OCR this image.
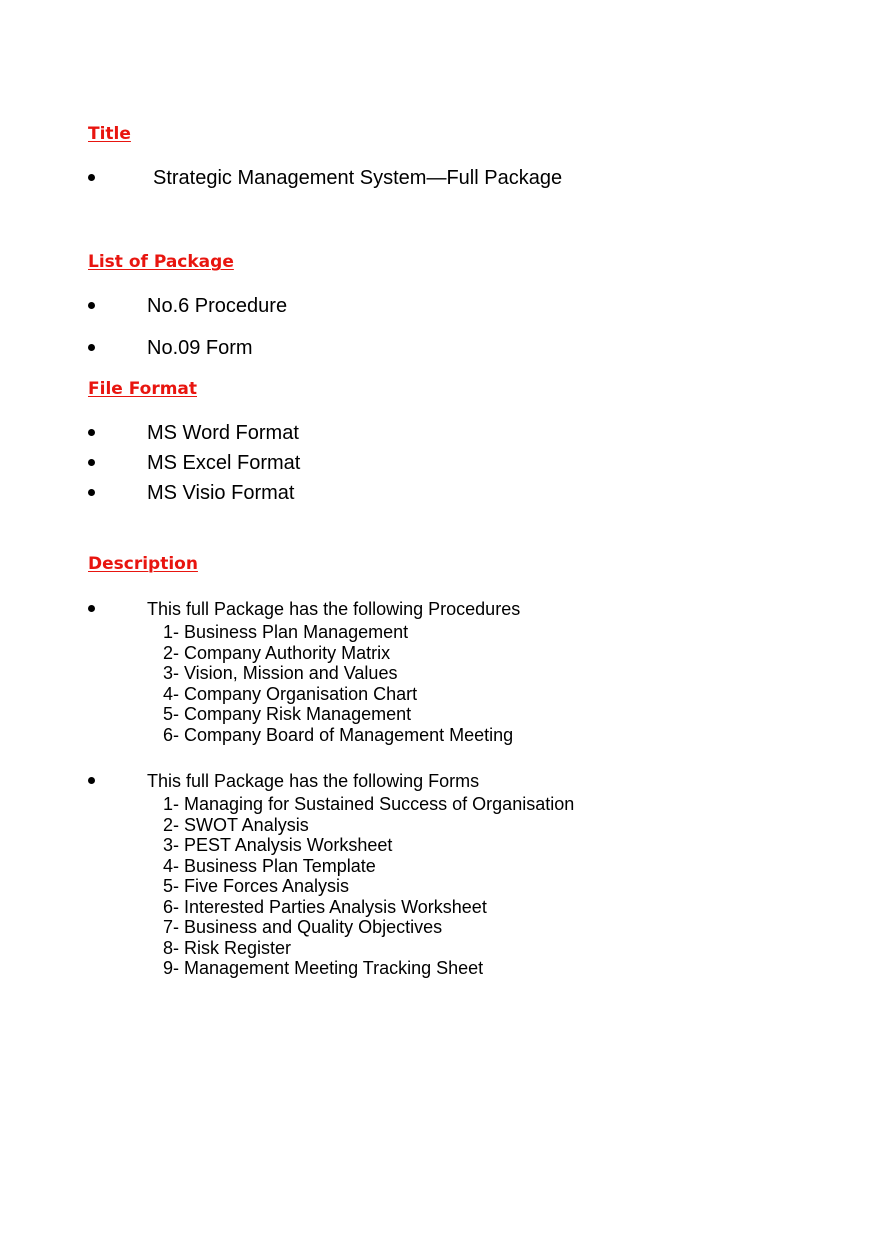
Title
Strategic Management System—Full Package
List of Package
No.6 Procedure
No.09 Form
File Format
MS Word Format
MS Excel Format
MS Visio Format
Description
This full Package has the following Procedures
1- Business Plan Management
2- Company Authority Matrix
3- Vision, Mission and Values
4- Company Organisation Chart
5- Company Risk Management
6- Company Board of Management Meeting
This full Package has the following Forms
1- Managing for Sustained Success of Organisation
2- SWOT Analysis
3- PEST Analysis Worksheet
4- Business Plan Template
5- Five Forces Analysis
6- Interested Parties Analysis Worksheet
7- Business and Quality Objectives
8- Risk Register
9- Management Meeting Tracking Sheet
